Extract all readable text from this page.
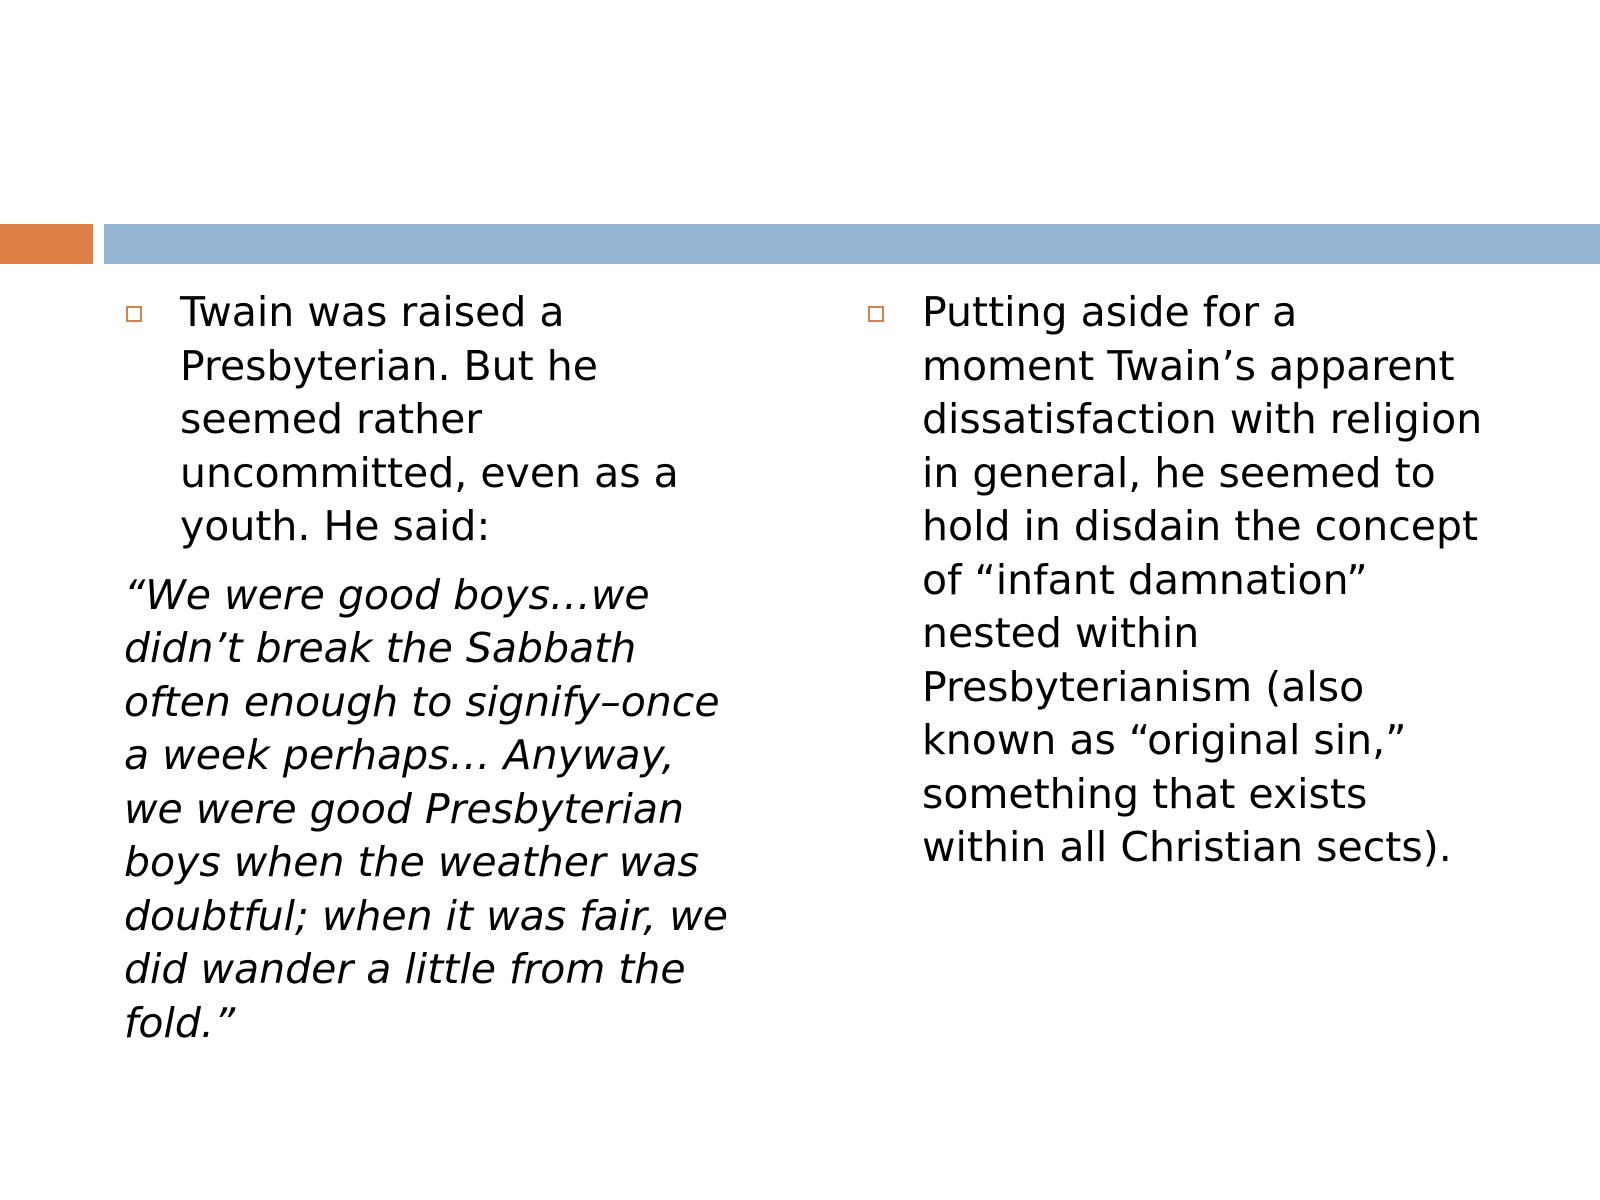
Twain was raised a
Presbyterian. But he
seemed rather
uncommitted, even as a
youth. He said:
“We were good boys…we
didn’t break the Sabbath
often enough to signify–once
a week perhaps… Anyway,
we were good Presbyterian
boys when the weather was
doubtful; when it was fair, we
did wander a little from the
fold.”
Putting aside for a
moment Twain’s apparent
dissatisfaction with religion
in general, he seemed to
hold in disdain the concept
of “infant damnation”
nested within
Presbyterianism (also
known as “original sin,”
something that exists
within all Christian sects).
